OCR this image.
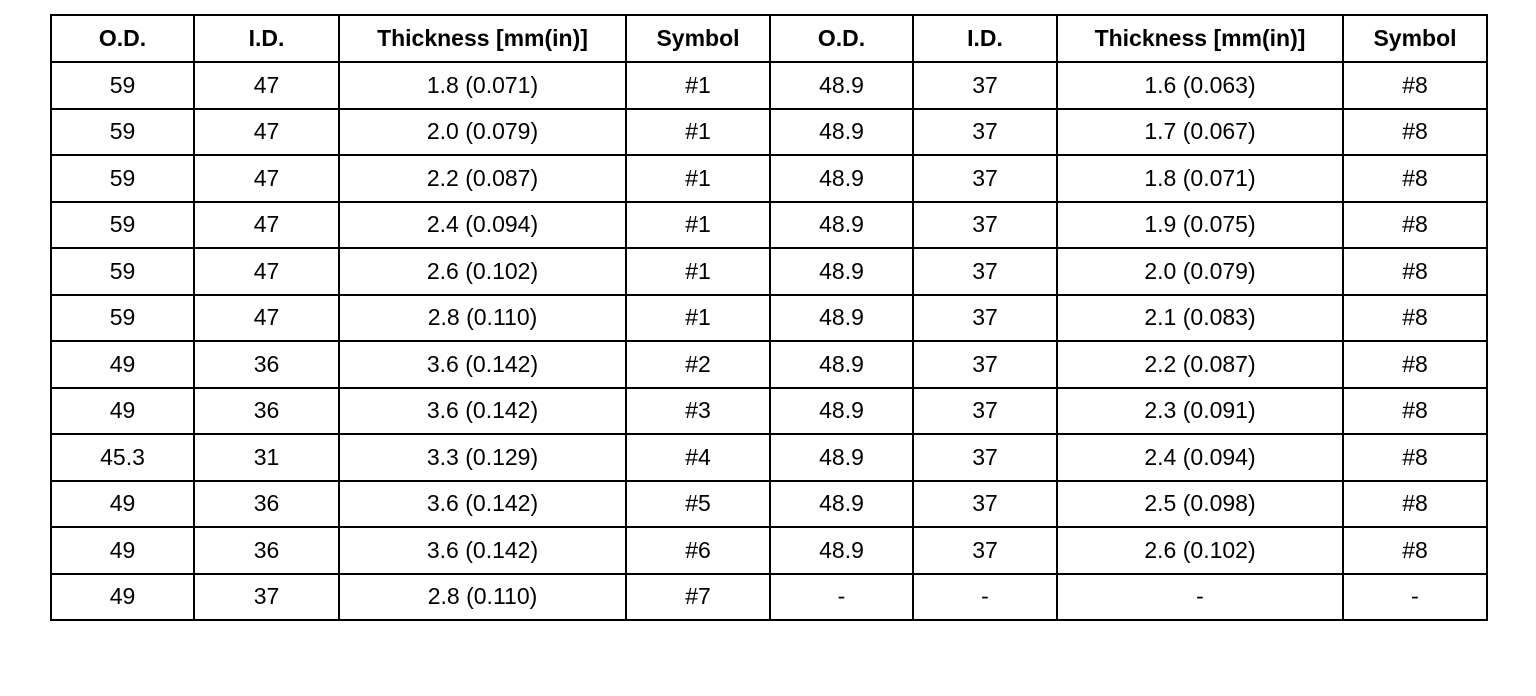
O.D.	I.D.	Thickness [mm(in)]	Symbol	O.D.	I.D.	Thickness [mm(in)]	Symbol
59	47	1.8 (0.071)	#1	48.9	37	1.6 (0.063)	#8
59	47	2.0 (0.079)	#1	48.9	37	1.7 (0.067)	#8
59	47	2.2 (0.087)	#1	48.9	37	1.8 (0.071)	#8
59	47	2.4 (0.094)	#1	48.9	37	1.9 (0.075)	#8
59	47	2.6 (0.102)	#1	48.9	37	2.0 (0.079)	#8
59	47	2.8 (0.110)	#1	48.9	37	2.1 (0.083)	#8
49	36	3.6 (0.142)	#2	48.9	37	2.2 (0.087)	#8
49	36	3.6 (0.142)	#3	48.9	37	2.3 (0.091)	#8
45.3	31	3.3 (0.129)	#4	48.9	37	2.4 (0.094)	#8
49	36	3.6 (0.142)	#5	48.9	37	2.5 (0.098)	#8
49	36	3.6 (0.142)	#6	48.9	37	2.6 (0.102)	#8
49	37	2.8 (0.110)	#7	-	-	-	-
